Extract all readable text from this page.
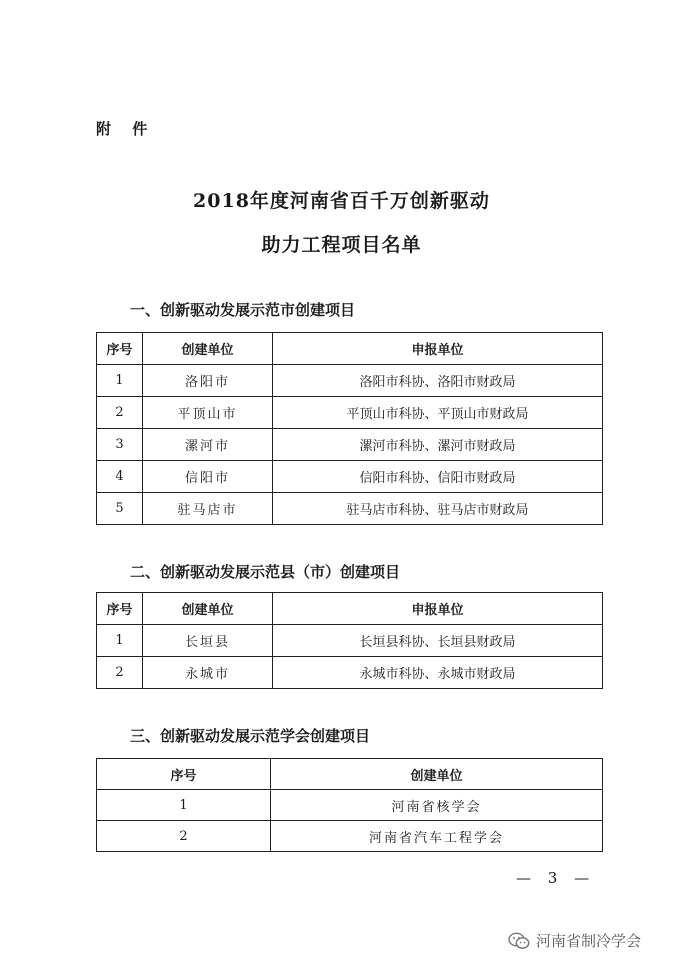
附 件
2018年度河南省百千万创新驱动
助力工程项目名单
一、创新驱动发展示范市创建项目
序号	创建单位	申报单位
1	洛阳市	洛阳市科协、洛阳市财政局
2	平顶山市	平顶山市科协、平顶山市财政局
3	漯河市	漯河市科协、漯河市财政局
4	信阳市	信阳市科协、信阳市财政局
5	驻马店市	驻马店市科协、驻马店市财政局
二、创新驱动发展示范县（市）创建项目
序号	创建单位	申报单位
1	长垣县	长垣县科协、长垣县财政局
2	永城市	永城市科协、永城市财政局
三、创新驱动发展示范学会创建项目
序号	创建单位
1	河南省核学会
2	河南省汽车工程学会
— 3 —
河南省制冷学会
